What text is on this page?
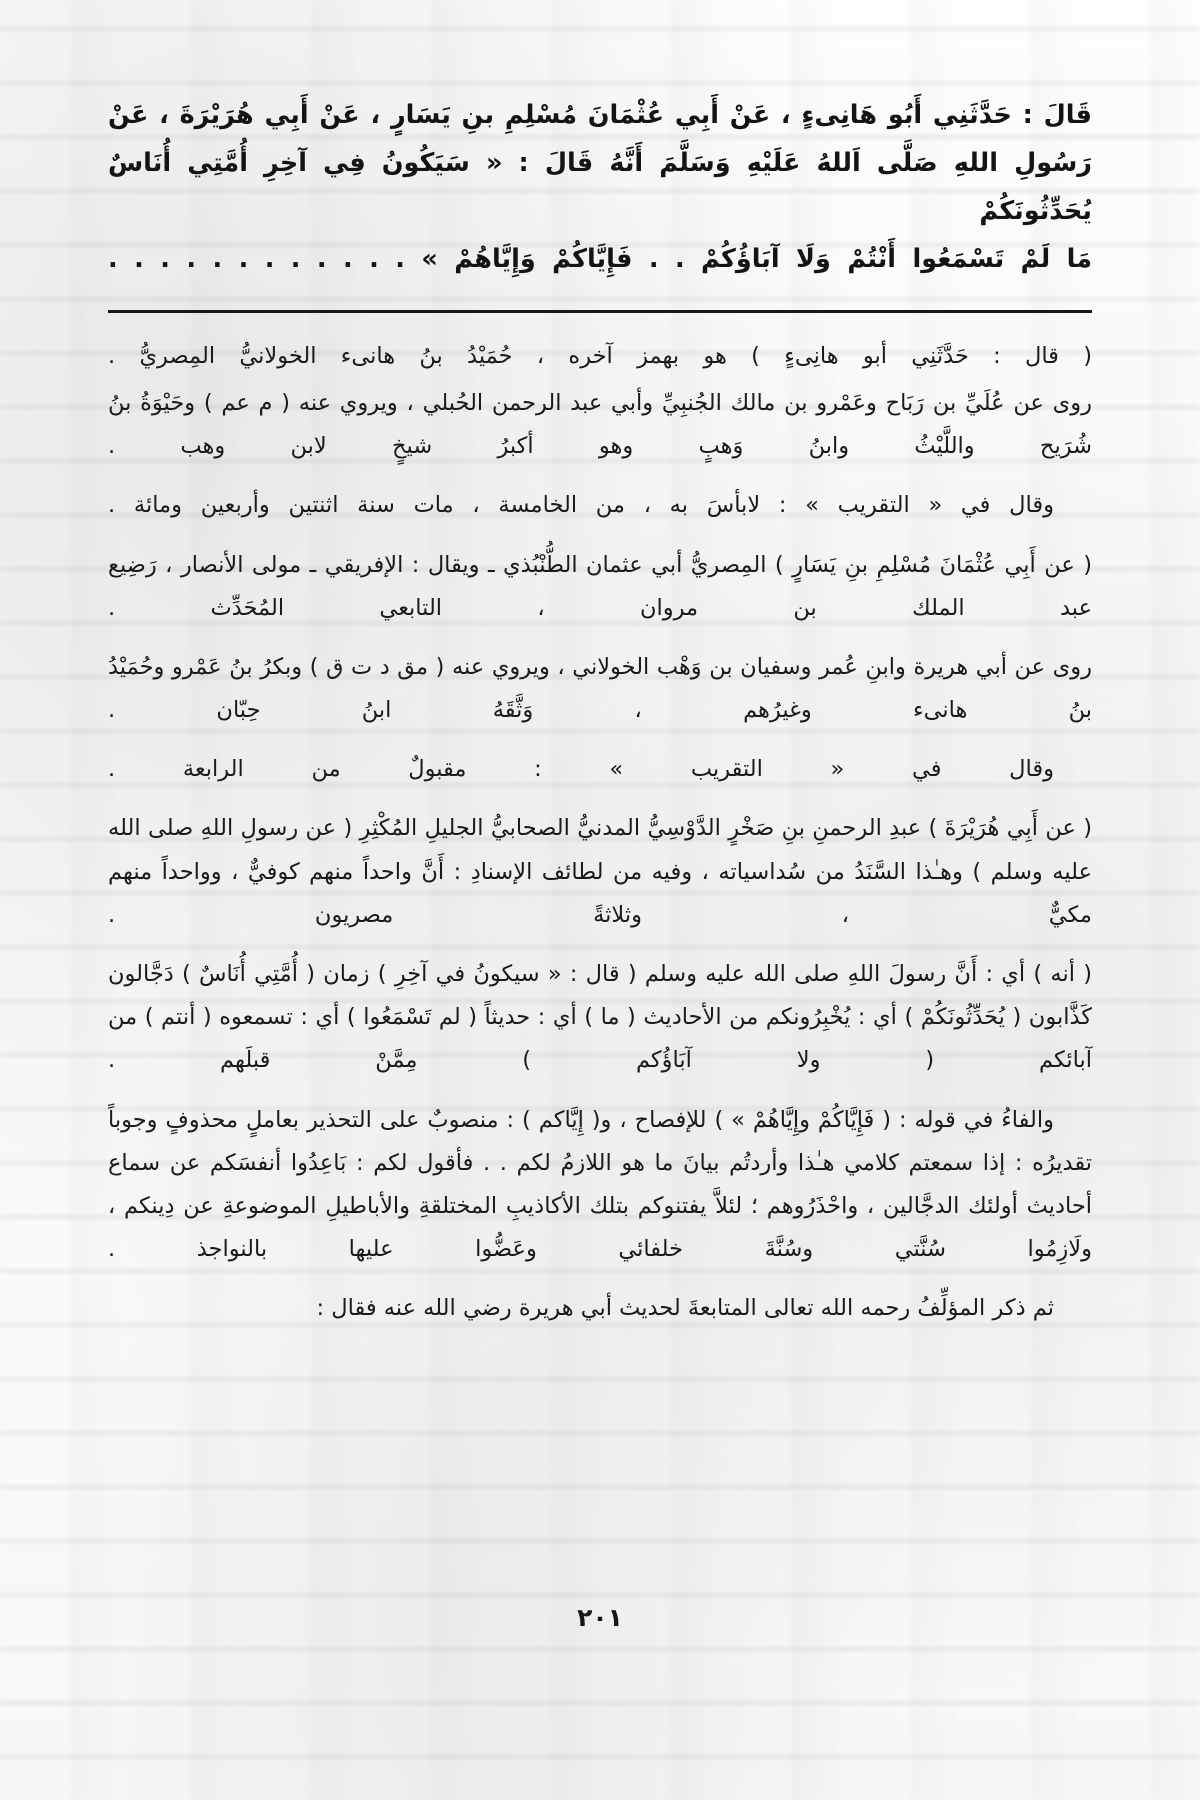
قَالَ : حَدَّثَنِي أَبُو هَانِىءٍ ، عَنْ أَبِي عُثْمَانَ مُسْلِمِ بنِ يَسَارٍ ، عَنْ أَبِي هُرَيْرَةَ ، عَنْ
رَسُولِ اللهِ صَلَّى اَللهُ عَلَيْهِ وَسَلَّمَ أَنَّهُ قَالَ : « سَيَكُونُ فِي آخِرِ أُمَّتِي أُنَاسٌ يُحَدِّثُونَكُمْ
مَا لَمْ تَسْمَعُوا أَنْتُمْ وَلَا آبَاؤُكُمْ . . فَإِيَّاكُمْ وَإِيَّاهُمْ » . . . . . . . . . . . .

( قال : حَدَّثَنِي أبو هانِىءٍ ) هو بهمز آخره ، حُمَيْدُ بنُ هانىء الخولانيُّ المِصريُّ .

روى عن عُلَيِّ بن رَبَاح وعَمْرو بن مالك الجُنبِيِّ وأبي عبد الرحمن الحُبلي ، ويروي عنه ( م عم ) وحَيْوَةُ بنُ شُرَيح واللَّيْثُ وابنُ وَهبٍ وهو أكبرُ شيخٍ لابن وهب .

وقال في « التقريب » : لابأسَ به ، من الخامسة ، مات سنة اثنتين وأربعين ومائة .

( عن أَبِي عُثْمَانَ مُسْلِمِ بنِ يَسَارٍ ) المِصريُّ أبي عثمان الطُّنْبُذي ـ ويقال : الإفريقي ـ مولى الأنصار ، رَضِيع عبد الملك بن مروان ، التابعي المُحَدِّث .

روى عن أبي هريرة وابنِ عُمر وسفيان بن وَهْب الخولاني ، ويروي عنه ( مق د ت ق ) وبكرُ بنُ عَمْرو وحُمَيْدُ بنُ هانىء وغيرُهم ، وَثَّقَهُ ابنُ حِبّان .

وقال في « التقريب » : مقبولٌ من الرابعة .

( عن أَبِي هُرَيْرَةَ ) عبدِ الرحمنِ بنِ صَخْرٍ الدَّوْسِيُّ المدنيُّ الصحابيُّ الجليلِ المُكْثِرِ ( عن رسولِ اللهِ صلى الله عليه وسلم ) وهـٰذا السَّنَدُ من سُداسياته ، وفيه من لطائف الإسنادِ : أَنَّ واحداً منهم كوفيٌّ ، وواحداً منهم مكيٌّ ، وثلاثةً مصريون .

( أنه ) أي : أَنَّ رسولَ اللهِ صلى الله عليه وسلم ( قال : « سيكونُ في آخِرِ ) زمان ( أُمَّتِي أُنَاسٌ ) دَجَّالون كَذَّابون ( يُحَدِّثُونَكُمْ ) أي : يُخْبِرُونكم من الأحاديث ( ما ) أي : حديثاً ( لم تَسْمَعُوا ) أي : تسمعوه ( أنتم ) من آبائكم ( ولا آبَاؤُكم ) مِمَّنْ قبلَهم .

والفاءُ في قوله : ( فَإِيَّاكُمْ وإِيَّاهُمْ » ) للإفصاح ، و( إِيَّاكم ) : منصوبٌ على التحذير بعاملٍ محذوفٍ وجوباً تقديرُه : إذا سمعتم كلامي هـٰذا وأردتُم بيانَ ما هو اللازمُ لكم . . فأقول لكم : بَاعِدُوا أنفسَكم عن سماع أحاديث أولئك الدجَّالين ، واحْذَرُوهم ؛ لئلاَّ يفتنوكم بتلك الأكاذيبِ المختلقةِ والأباطيلِ الموضوعةِ عن دِينكم ، ولَازِمُوا سُنَّتي وسُنَّةَ خلفائي وعَضُّوا عليها بالنواجذ .

ثم ذكر المؤلِّفُ رحمه الله تعالى المتابعةَ لحديث أبي هريرة رضي الله عنه فقال :

٢٠١
